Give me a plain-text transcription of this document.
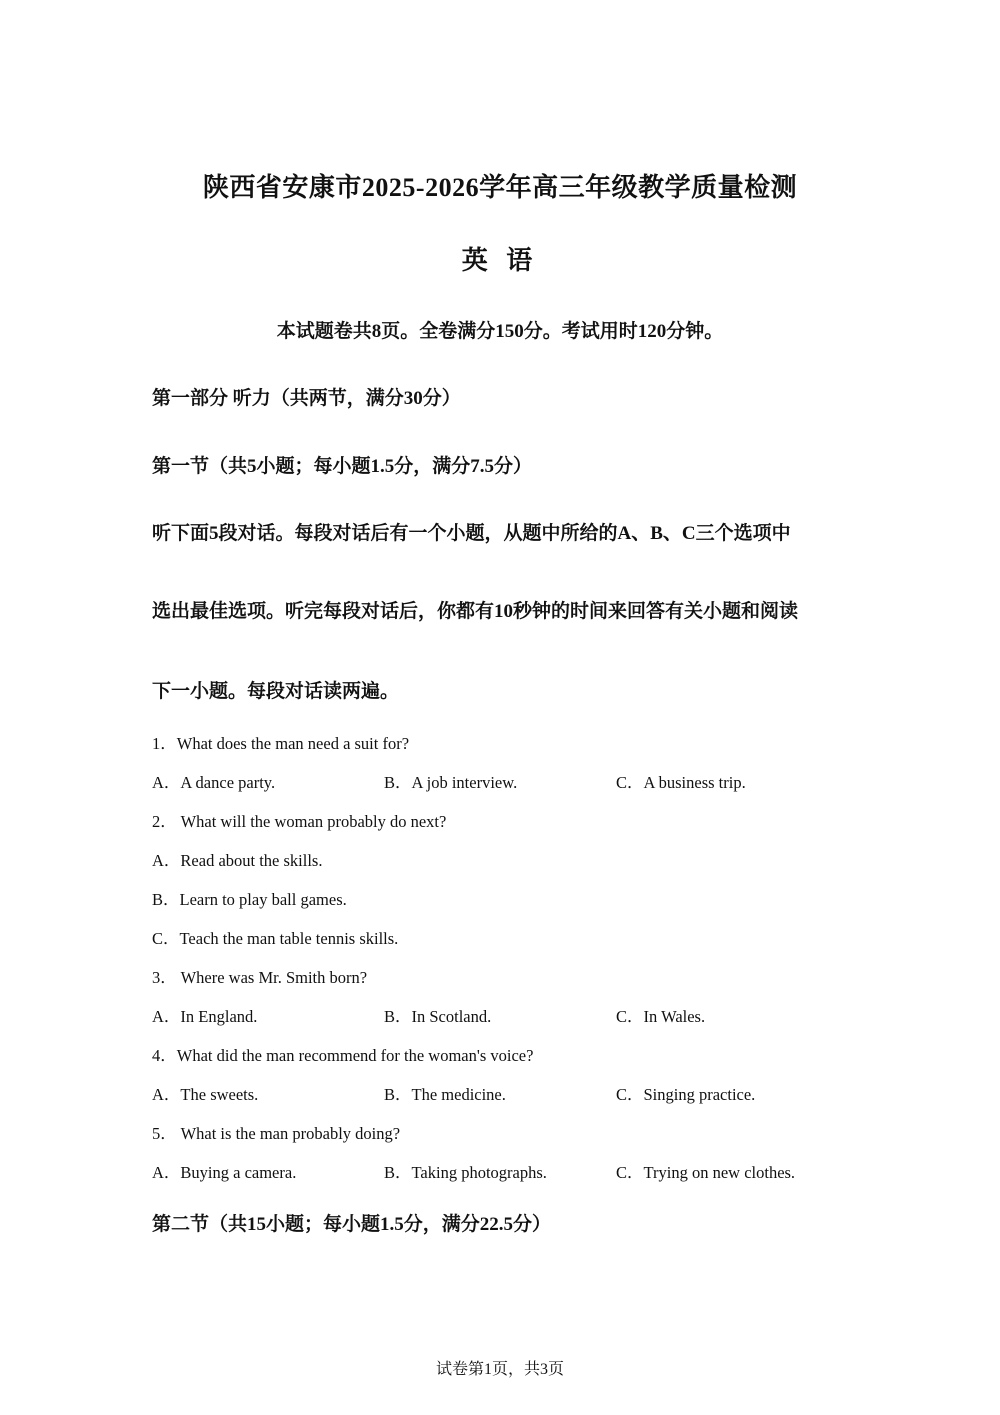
陕西省安康市2025-2026学年高三年级教学质量检测
英 语
本试题卷共8页。全卷满分150分。考试用时120分钟。
第一部分 听力（共两节，满分30分）
第一节（共5小题；每小题1.5分，满分7.5分）
听下面5段对话。每段对话后有一个小题，从题中所给的A、B、C三个选项中
选出最佳选项。听完每段对话后，你都有10秒钟的时间来回答有关小题和阅读
下一小题。每段对话读两遍。
1．What does the man need a suit for?
A．A dance party.	B．A job interview.	C．A business trip.
2． What will the woman probably do next?
A．Read about the skills.
B．Learn to play ball games.
C．Teach the man table tennis skills.
3． Where was Mr. Smith born?
A．In England.	B．In Scotland.	C．In Wales.
4．What did the man recommend for the woman's voice?
A．The sweets.	B．The medicine.	C．Singing practice.
5． What is the man probably doing?
A．Buying a camera.	B．Taking photographs.	C．Trying on new clothes.
第二节（共15小题；每小题1.5分，满分22.5分）
试卷第1页，共3页
